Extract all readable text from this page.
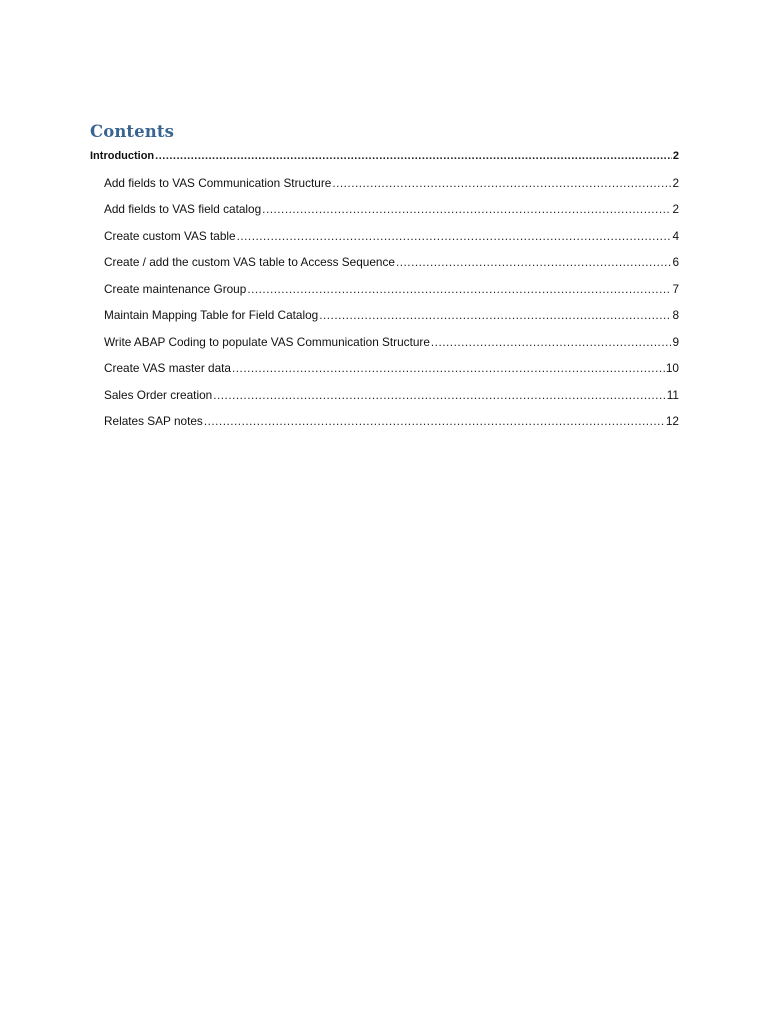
Contents
Introduction .....	2
Add fields to VAS Communication Structure .....	2
Add fields to VAS field catalog .....	2
Create custom VAS table .....	4
Create / add the custom VAS table to Access Sequence .....	6
Create maintenance Group .....	7
Maintain Mapping Table for Field Catalog .....	8
Write ABAP Coding to populate VAS Communication Structure .....	9
Create VAS master data .....	10
Sales Order creation .....	11
Relates SAP notes .....	12
